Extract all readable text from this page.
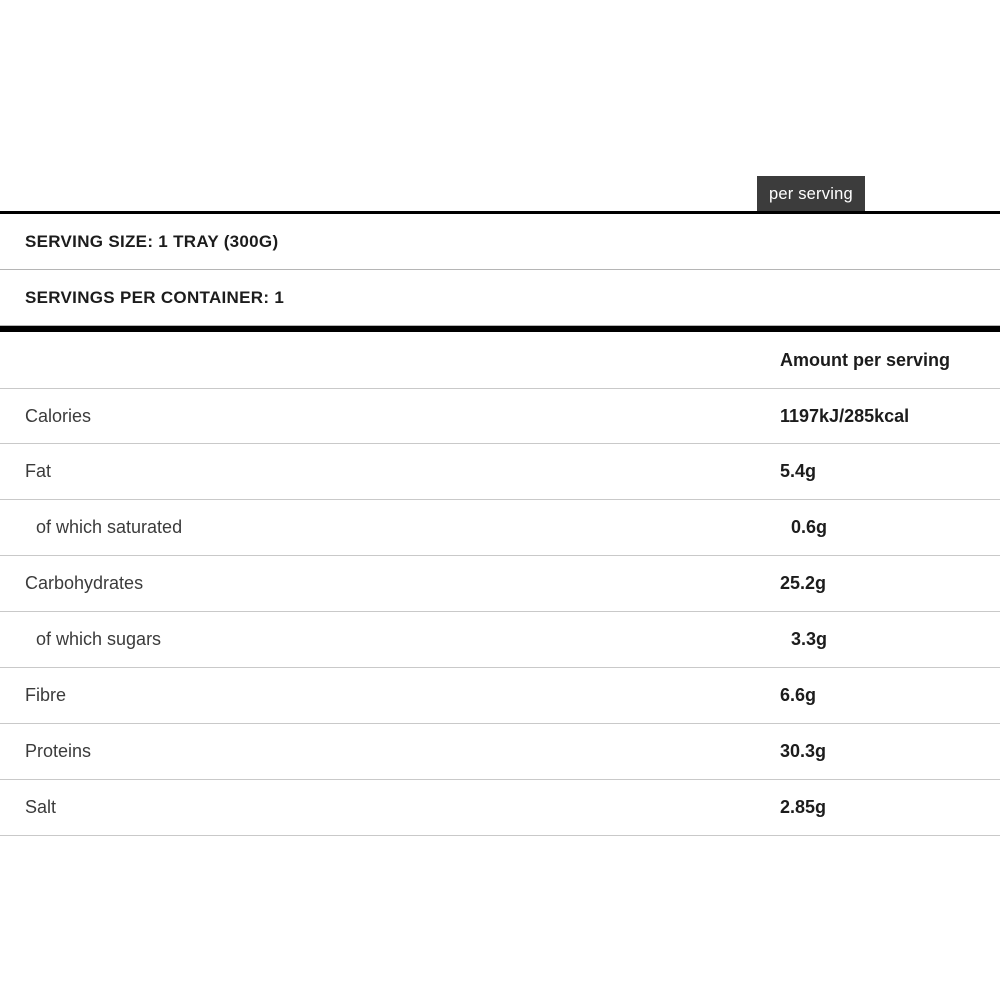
per serving
SERVING SIZE: 1 TRAY (300G)
SERVINGS PER CONTAINER: 1
Amount per serving
Calories	1197kJ/285kcal
Fat	5.4g
of which saturated	0.6g
Carbohydrates	25.2g
of which sugars	3.3g
Fibre	6.6g
Proteins	30.3g
Salt	2.85g
